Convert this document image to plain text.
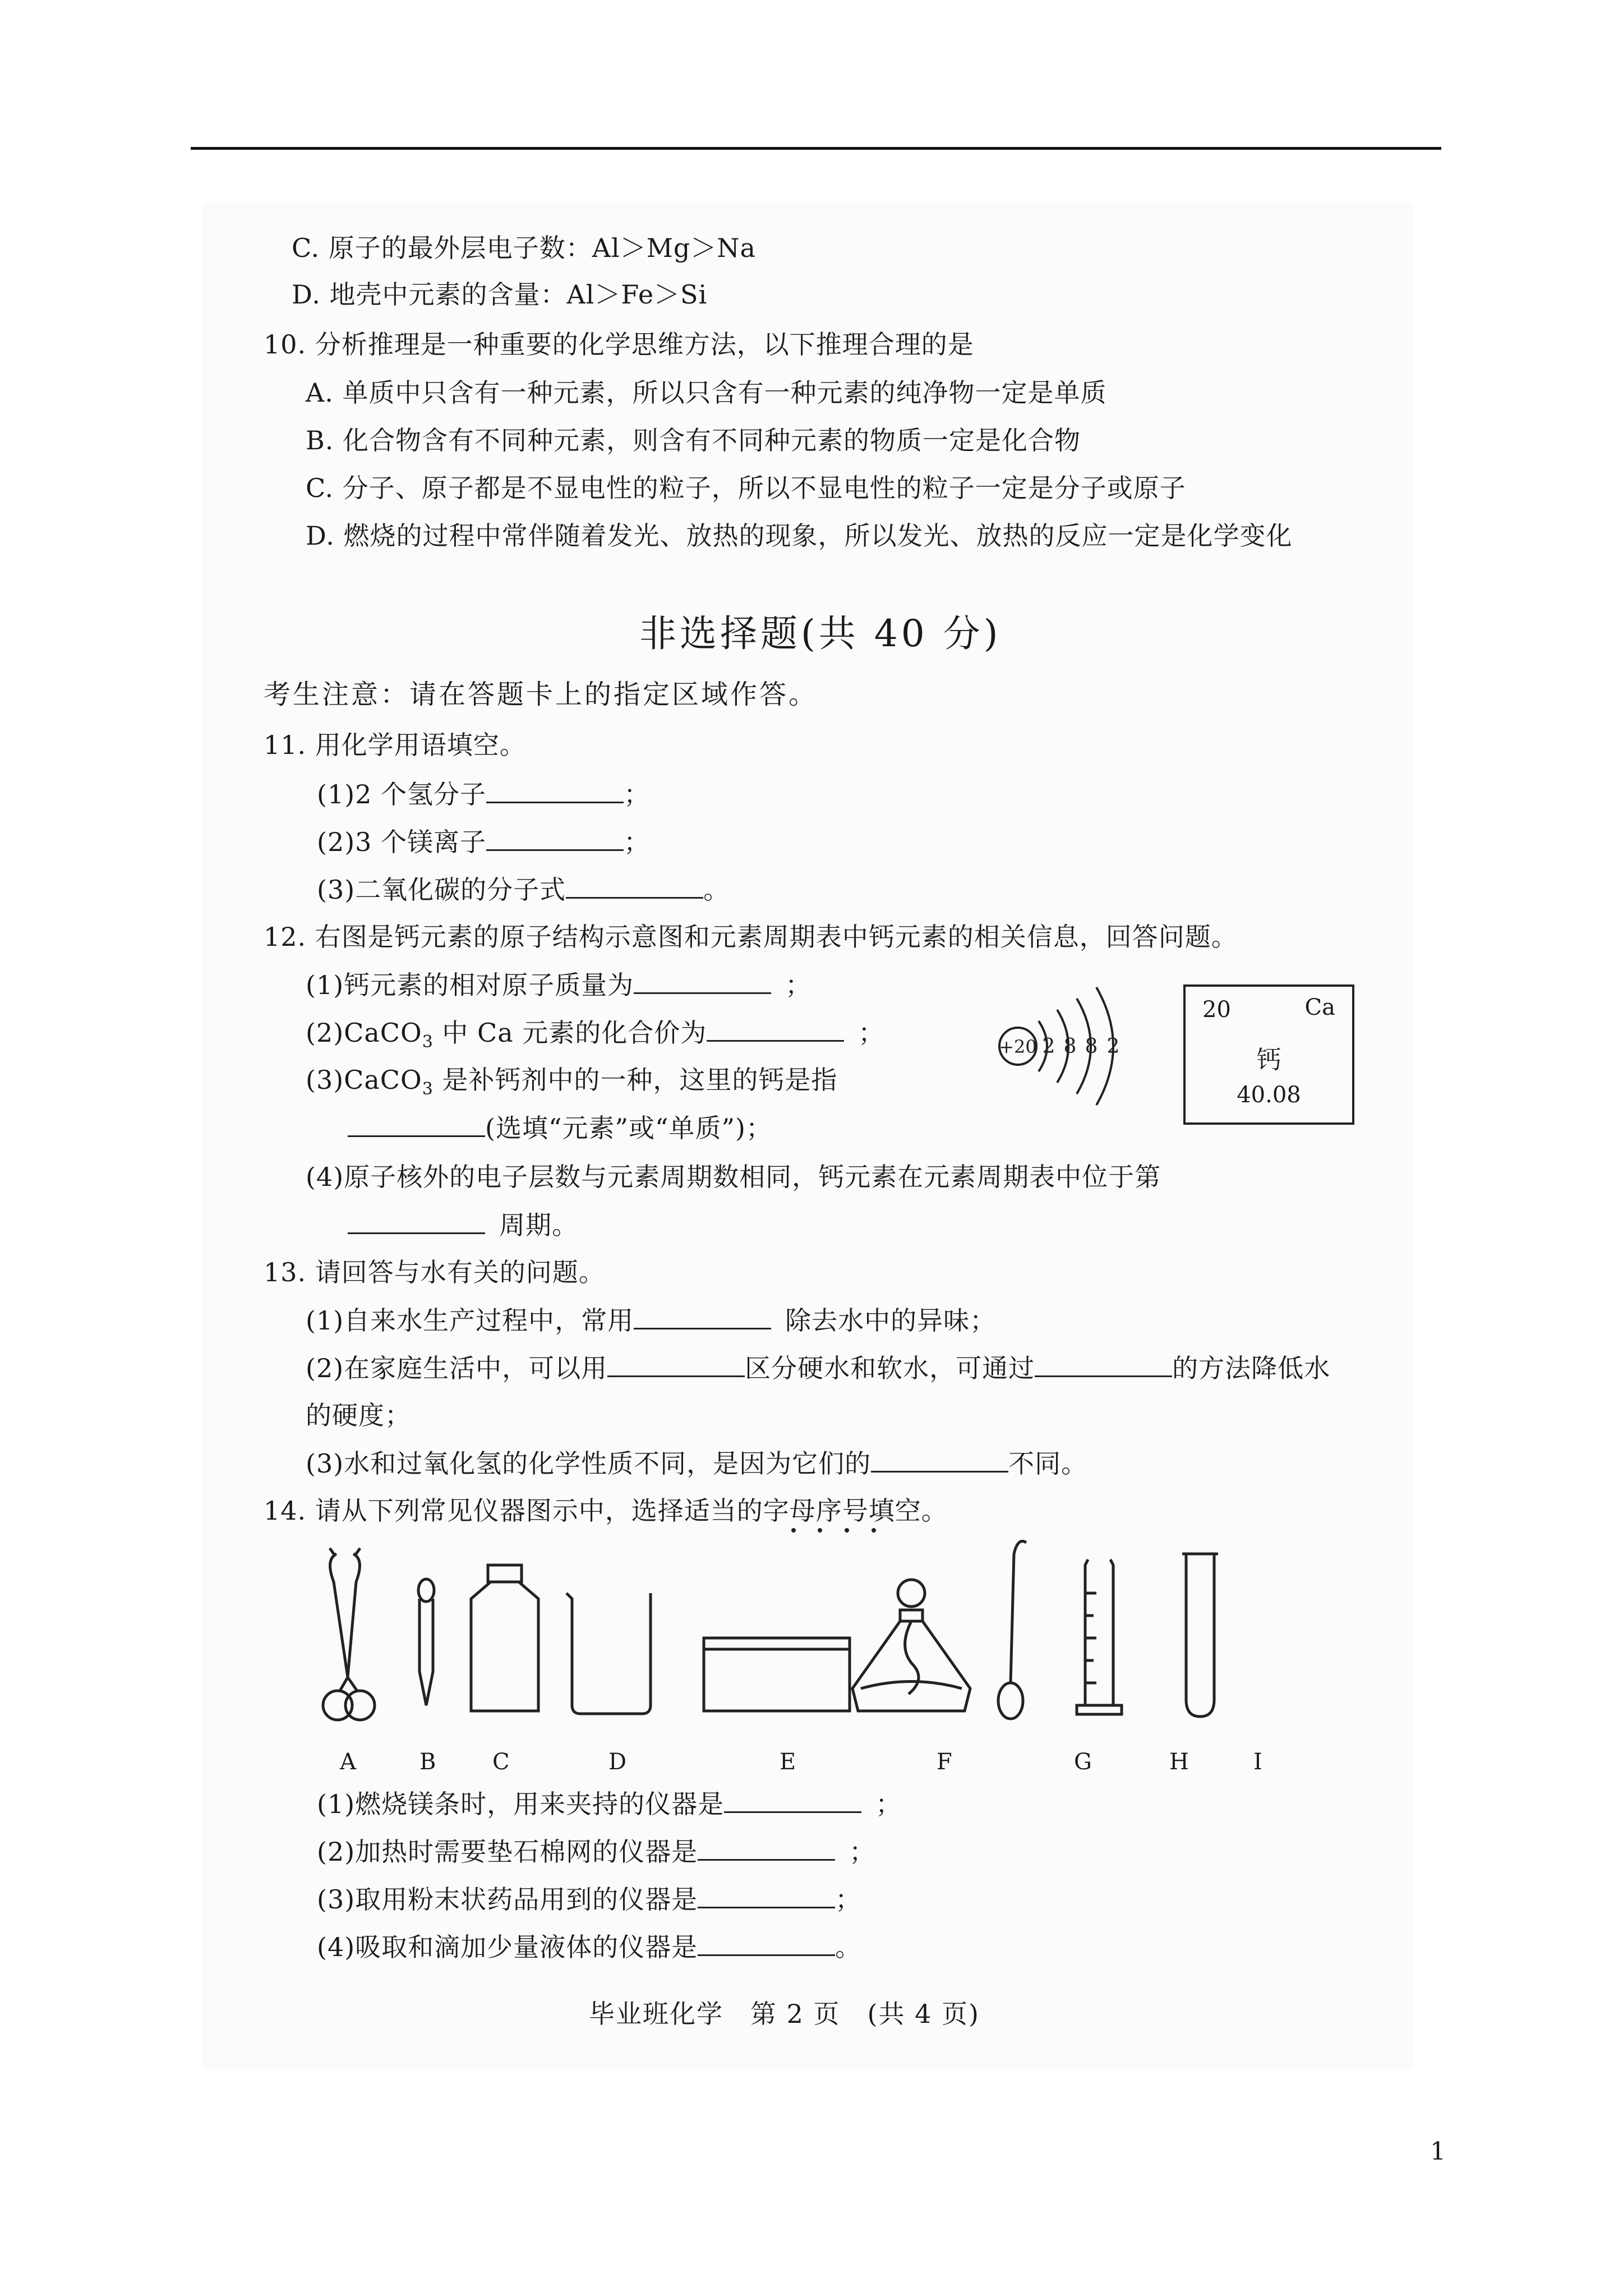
C. 原子的最外层电子数：Al＞Mg＞Na
D. 地壳中元素的含量：Al＞Fe＞Si
10. 分析推理是一种重要的化学思维方法，以下推理合理的是
A. 单质中只含有一种元素，所以只含有一种元素的纯净物一定是单质
B. 化合物含有不同种元素，则含有不同种元素的物质一定是化合物
C. 分子、原子都是不显电性的粒子，所以不显电性的粒子一定是分子或原子
D. 燃烧的过程中常伴随着发光、放热的现象，所以发光、放热的反应一定是化学变化
非选择题(共 40 分)
考生注意：请在答题卡上的指定区域作答。
11. 用化学用语填空。
(1)2 个氢分子	；
(2)3 个镁离子	；
(3)二氧化碳的分子式	。
12. 右图是钙元素的原子结构示意图和元素周期表中钙元素的相关信息，回答问题。
(1)钙元素的相对原子质量为	；
(2)CaCO$_3$ 中 Ca 元素的化合价为	；
(3)CaCO$_3$ 是补钙剂中的一种，这里的钙是指
(选填“元素”或“单质”)；
+20 2 8 8 2
20	Ca
钙
40.08
(4)原子核外的电子层数与元素周期数相同，钙元素在元素周期表中位于第
周期。
13. 请回答与水有关的问题。
(1)自来水生产过程中，常用	除去水中的异味；
(2)在家庭生活中，可以用	区分硬水和软水，可通过	的方法降低水
的硬度；
(3)水和过氧化氢的化学性质不同，是因为它们的	不同。
14. 请从下列常见仪器图示中，选择适当的字母序号填空。
A	B	C	D	E	F	G	H	I
(1)燃烧镁条时，用来夹持的仪器是	；
(2)加热时需要垫石棉网的仪器是	；
(3)取用粉末状药品用到的仪器是	；
(4)吸取和滴加少量液体的仪器是	。
毕业班化学　第 2 页　(共 4 页)
1
